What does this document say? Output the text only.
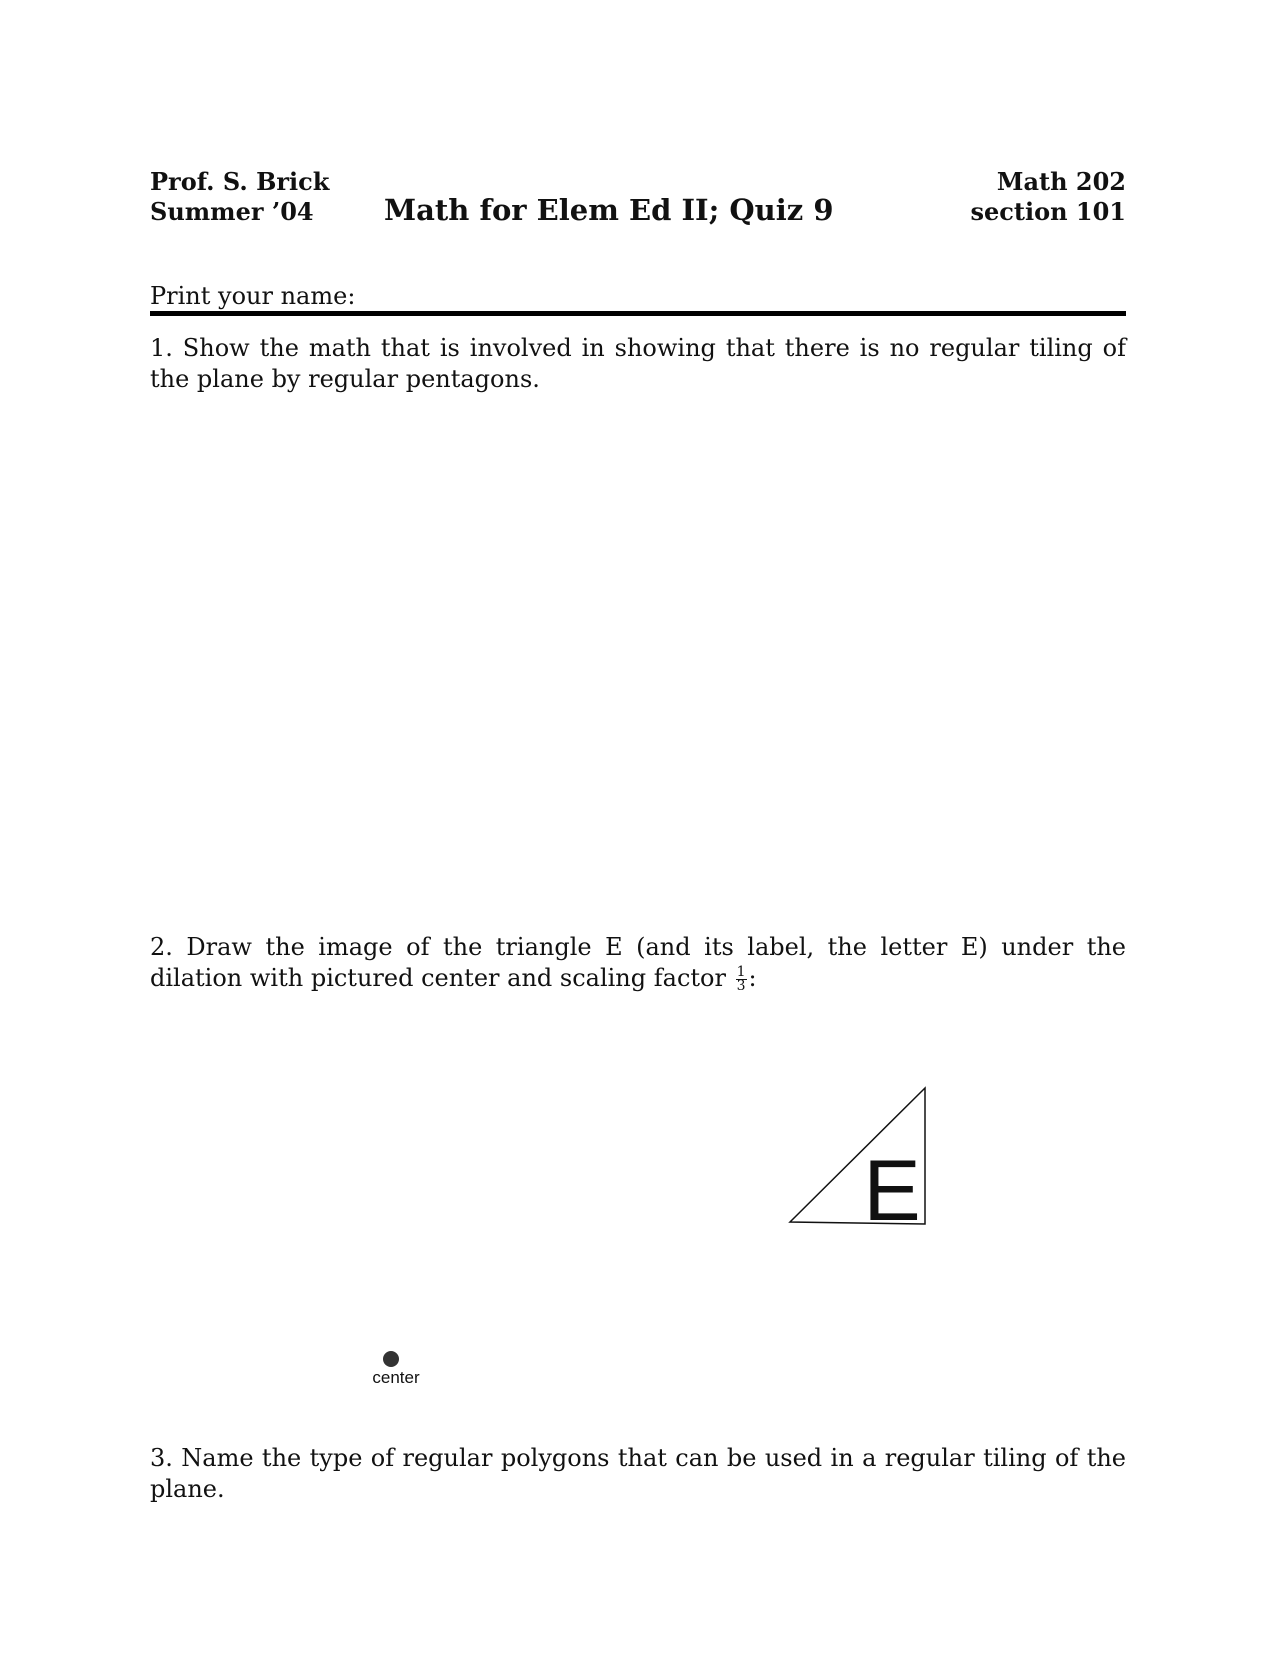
Prof. S. Brick
Summer ’04	Math for Elem Ed II; Quiz 9
Math 202
section 101
Print your name:
1. Show the math that is involved in showing that there is no regular tiling of the plane by regular pentagons.
2. Draw the image of the triangle E (and its label, the letter E) under the dilation with pictured center and scaling factor $\frac{1}{3}$ :
E
center
3. Name the type of regular polygons that can be used in a regular tiling of the plane.
